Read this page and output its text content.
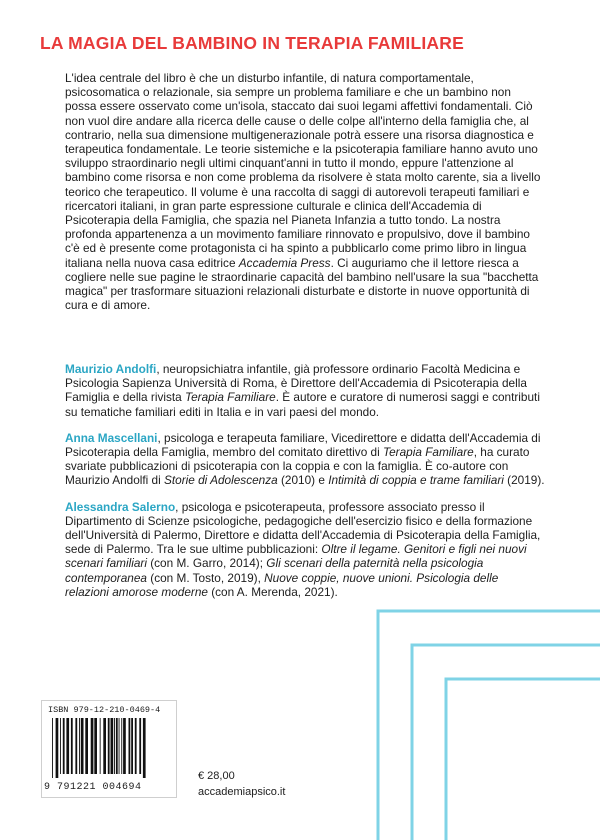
LA MAGIA DEL BAMBINO IN TERAPIA FAMILIARE

L'idea centrale del libro è che un disturbo infantile, di natura comportamentale, psicosomatica o relazionale, sia sempre un problema familiare e che un bambino non possa essere osservato come un'isola, staccato dai suoi legami affettivi fondamentali. Ciò non vuol dire andare alla ricerca delle cause o delle colpe all'interno della famiglia che, al contrario, nella sua dimensione multigenerazionale potrà essere una risorsa diagnostica e terapeutica fondamentale. Le teorie sistemiche e la psicoterapia familiare hanno avuto uno sviluppo straordinario negli ultimi cinquant'anni in tutto il mondo, eppure l'attenzione al bambino come risorsa e non come problema da risolvere è stata molto carente, sia a livello teorico che terapeutico. Il volume è una raccolta di saggi di autorevoli terapeuti familiari e ricercatori italiani, in gran parte espressione culturale e clinica dell'Accademia di Psicoterapia della Famiglia, che spazia nel Pianeta Infanzia a tutto tondo. La nostra profonda appartenenza a un movimento familiare rinnovato e propulsivo, dove il bambino c'è ed è presente come protagonista ci ha spinto a pubblicarlo come primo libro in lingua italiana nella nuova casa editrice Accademia Press. Ci auguriamo che il lettore riesca a cogliere nelle sue pagine le straordinarie capacità del bambino nell'usare la sua "bacchetta magica" per trasformare situazioni relazionali disturbate e distorte in nuove opportunità di cura e di amore.

Maurizio Andolfi, neuropsichiatra infantile, già professore ordinario Facoltà Medicina e Psicologia Sapienza Università di Roma, è Direttore dell'Accademia di Psicoterapia della Famiglia e della rivista Terapia Familiare. È autore e curatore di numerosi saggi e contributi su tematiche familiari editi in Italia e in vari paesi del mondo.

Anna Mascellani, psicologa e terapeuta familiare, Vicedirettore e didatta dell'Accademia di Psicoterapia della Famiglia, membro del comitato direttivo di Terapia Familiare, ha curato svariate pubblicazioni di psicoterapia con la coppia e con la famiglia. È co-autore con Maurizio Andolfi di Storie di Adolescenza (2010) e Intimità di coppia e trame familiari (2019).

Alessandra Salerno, psicologa e psicoterapeuta, professore associato presso il Dipartimento di Scienze psicologiche, pedagogiche dell'esercizio fisico e della formazione dell'Università di Palermo, Direttore e didatta dell'Accademia di Psicoterapia della Famiglia, sede di Palermo. Tra le sue ultime pubblicazioni: Oltre il legame. Genitori e figli nei nuovi scenari familiari (con M. Garro, 2014); Gli scenari della paternità nella psicologia contemporanea (con M. Tosto, 2019), Nuove coppie, nuove unioni. Psicologia delle relazioni amorose moderne (con A. Merenda, 2021).

ISBN 979-12-210-0469-4
9 791221 004694
€ 28,00
accademiapsico.it
